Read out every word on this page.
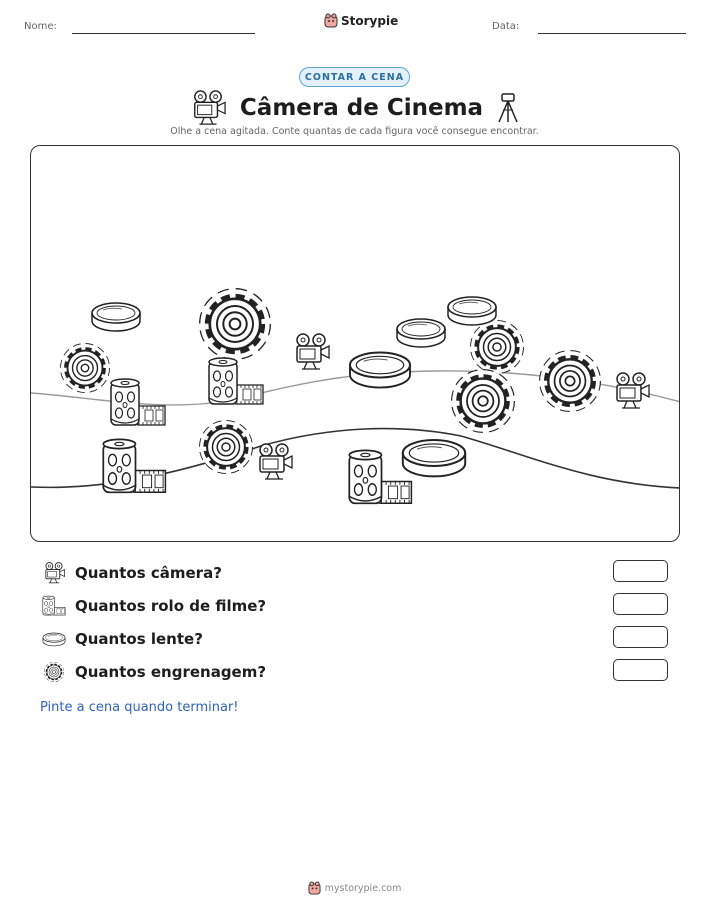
Nome:	Storypie	Data:
CONTAR A CENA
Câmera de Cinema
Olhe a cena agitada. Conte quantas de cada figura você consegue encontrar.
Quantos câmera?
Quantos rolo de filme?
Quantos lente?
Quantos engrenagem?
Pinte a cena quando terminar!
mystorypie.com
